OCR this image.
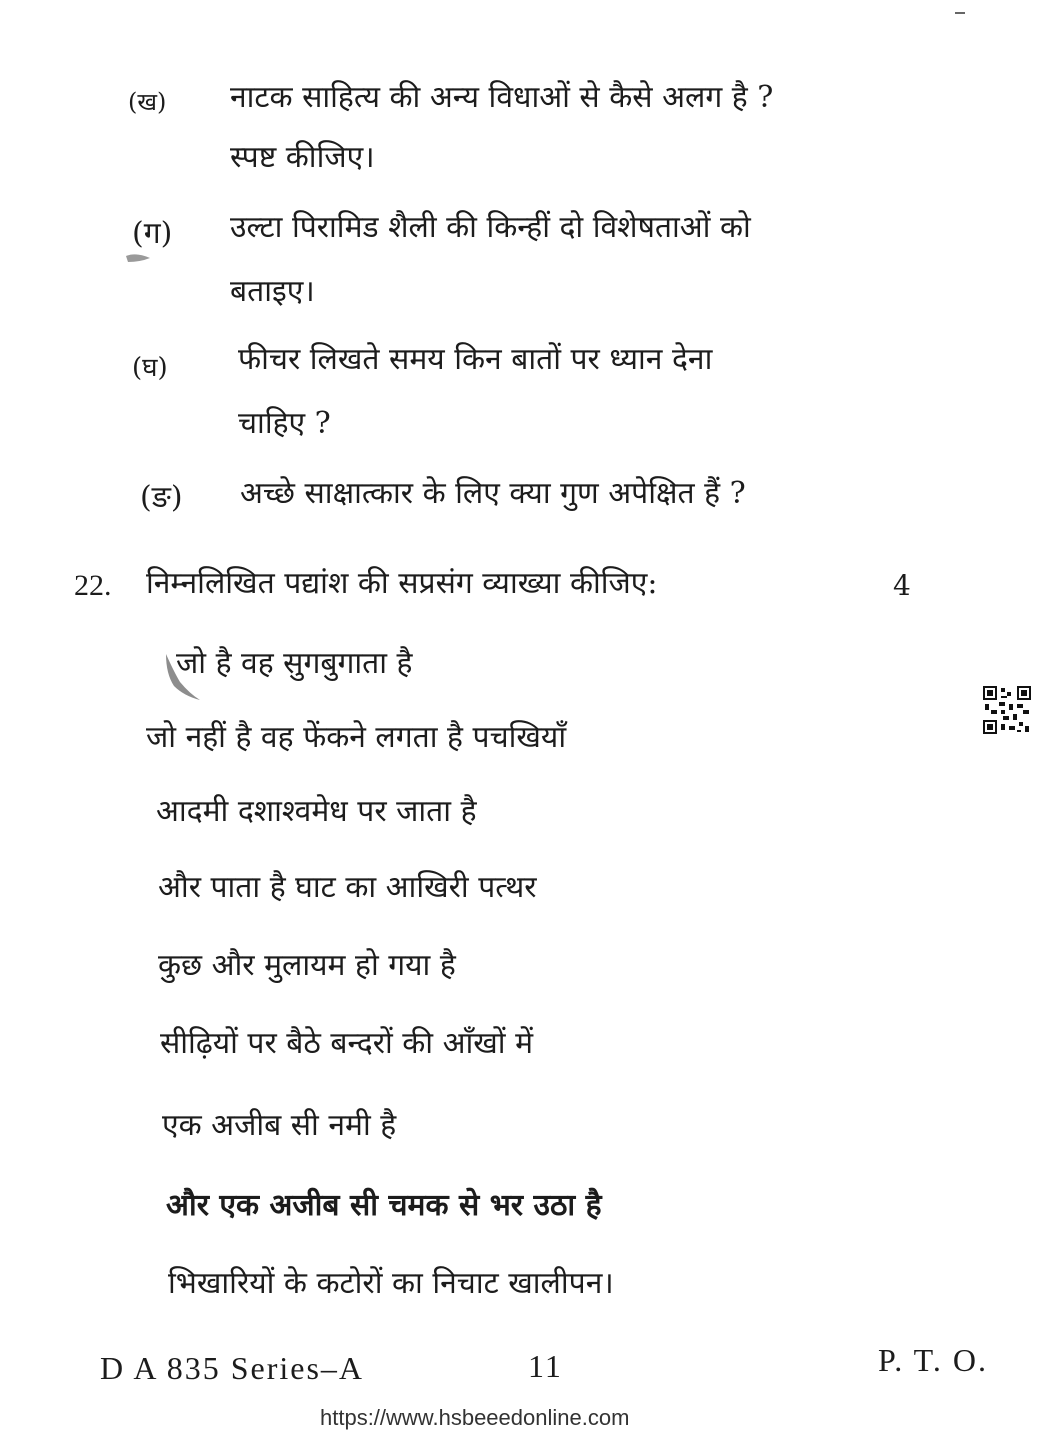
(ख) नाटक साहित्य की अन्य विधाओं से कैसे अलग है ?
स्पष्ट कीजिए।
(ग) उल्टा पिरामिड शैली की किन्हीं दो विशेषताओं को
बताइए।
(घ) फीचर लिखते समय किन बातों पर ध्यान देना
चाहिए ?
(ङ) अच्छे साक्षात्कार के लिए क्या गुण अपेक्षित हैं ?
22. निम्नलिखित पद्यांश की सप्रसंग व्याख्या कीजिए:	4
जो है वह सुगबुगाता है
जो नहीं है वह फेंकने लगता है पचखियाँ
आदमी दशाश्वमेध पर जाता है
और पाता है घाट का आखिरी पत्थर
कुछ और मुलायम हो गया है
सीढ़ियों पर बैठे बन्दरों की आँखों में
एक अजीब सी नमी है
और एक अजीब सी चमक से भर उठा है
भिखारियों के कटोरों का निचाट खालीपन।
D A 835 Series–A	11	P. T. O.
https://www.hsbeeedonline.com
